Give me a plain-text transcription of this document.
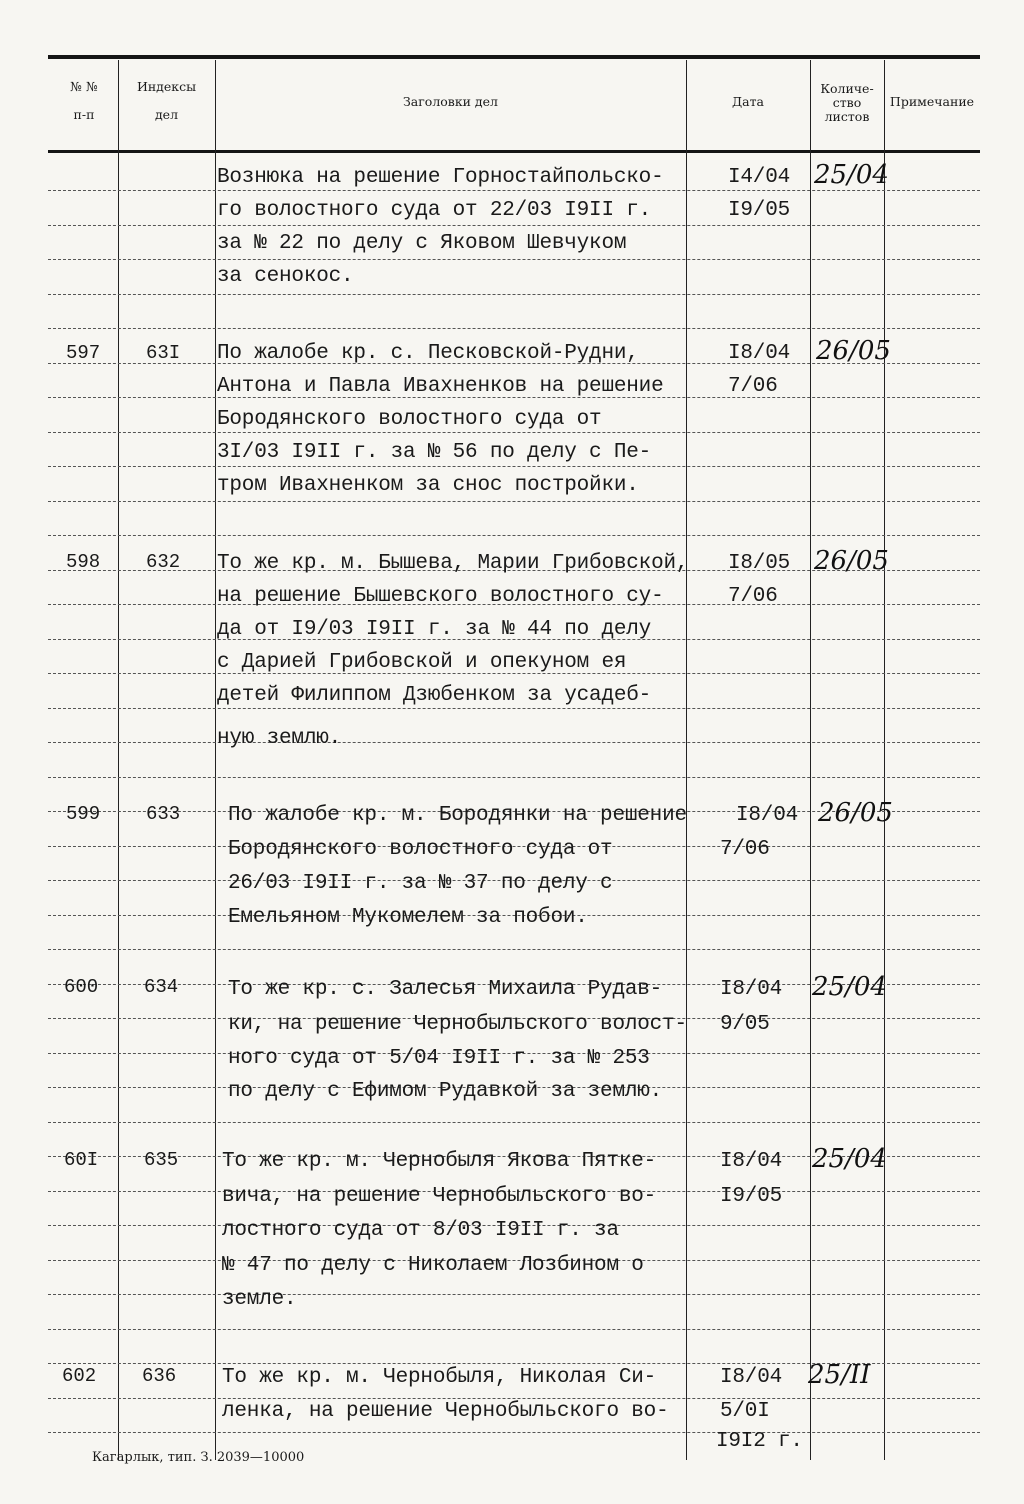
№ №
п-п
Индексы
дел
Заголовки дел	Дата
Количе-
ство
листов
Примечание
Вознюка на решение Горностайпольско-
го волостного суда от 22/03 I9II г.
за № 22 по делу с Яковом Шевчуком
за сенокос.
I4/04
I9/05
25/04
597 63I По жалобе кр. с. Песковской-Рудни,
Антона и Павла Ивахненков на решение
Бородянского волостного суда от
3I/03 I9II г. за № 56 по делу с Пе-
тром Ивахненком за снос постройки.
I8/04
7/06
26/05
598 632 То же кр. м. Бышева, Марии Грибовской,
на решение Бышевского волостного су-
да от I9/03 I9II г. за № 44 по делу
с Дарией Грибовской и опекуном ея
детей Филиппом Дзюбенком за усадеб-
ную землю.
I8/05
7/06
26/05
599 633 По жалобе кр. м. Бородянки на решение
Бородянского волостного суда от
26/03 I9II г. за № 37 по делу с
Емельяном Мукомелем за побои.
I8/04
7/06
26/05
600 634 То же кр. с. Залесья Михаила Рудав-
ки, на решение Чернобыльского волост-
ного суда от 5/04 I9II г. за № 253
по делу с Ефимом Рудавкой за землю.
I8/04
9/05
25/04
60I 635 То же кр. м. Чернобыля Якова Пятке-
вича, на решение Чернобыльского во-
лостного суда от 8/03 I9II г. за
№ 47 по делу с Николаем Лозбином о
земле.
I8/04
I9/05
25/04
602 636 То же кр. м. Чернобыля, Николая Си-
ленка, на решение Чернобыльского во-
I8/04
5/0I
I9I2 г.
25/II
Кагарлык, тип. З. 2039—10000
